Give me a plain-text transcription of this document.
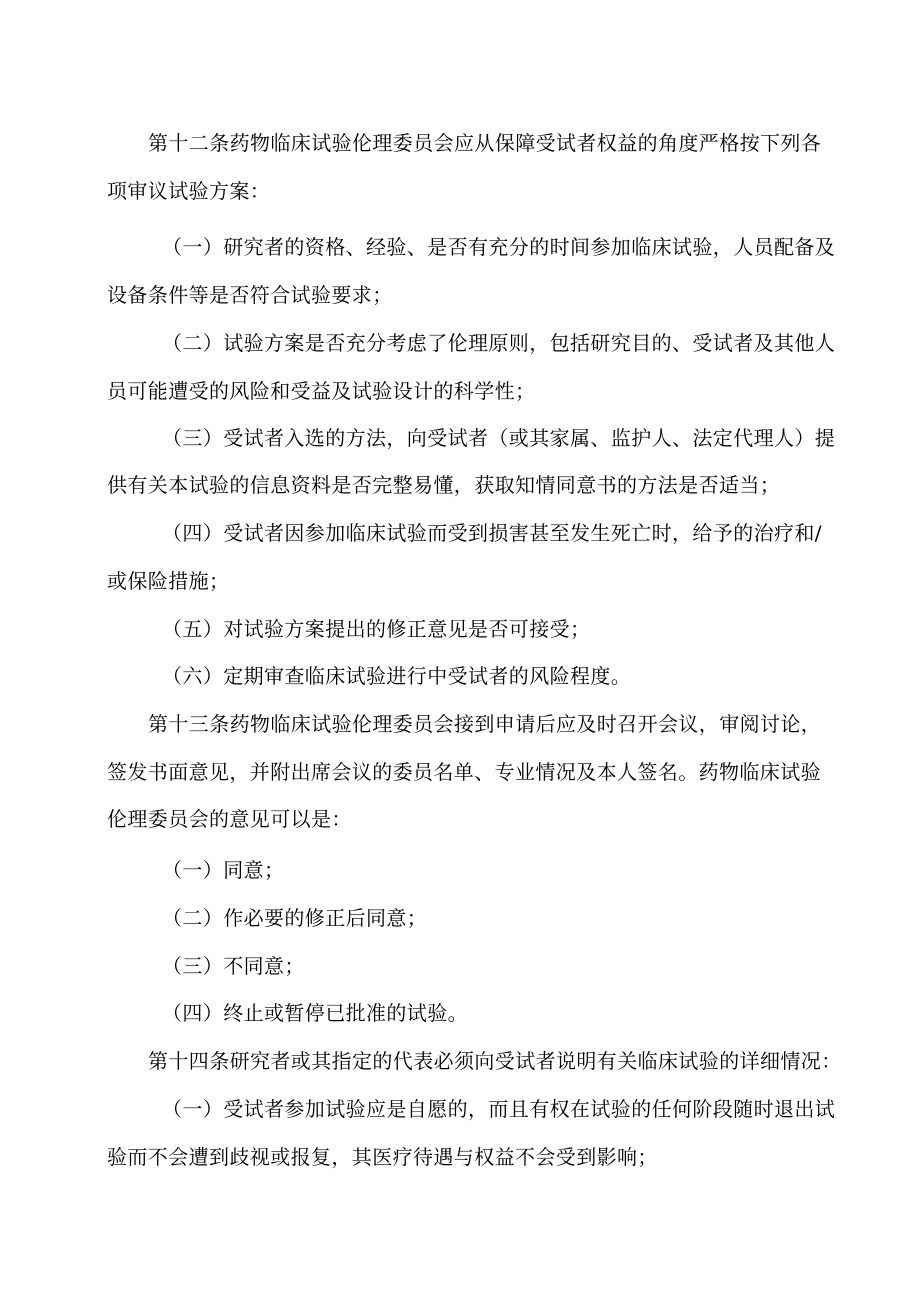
第十二条药物临床试验伦理委员会应从保障受试者权益的角度严格按下列各
项审议试验方案：
（一）研究者的资格、经验、是否有充分的时间参加临床试验，人员配备及
设备条件等是否符合试验要求；
（二）试验方案是否充分考虑了伦理原则，包括研究目的、受试者及其他人
员可能遭受的风险和受益及试验设计的科学性；
（三）受试者入选的方法，向受试者（或其家属、监护人、法定代理人）提
供有关本试验的信息资料是否完整易懂，获取知情同意书的方法是否适当；
（四）受试者因参加临床试验而受到损害甚至发生死亡时，给予的治疗和/
或保险措施；
（五）对试验方案提出的修正意见是否可接受；
（六）定期审查临床试验进行中受试者的风险程度。
第十三条药物临床试验伦理委员会接到申请后应及时召开会议，审阅讨论，
签发书面意见，并附出席会议的委员名单、专业情况及本人签名。药物临床试验
伦理委员会的意见可以是：
（一）同意；
（二）作必要的修正后同意；
（三）不同意；
（四）终止或暂停已批准的试验。
第十四条研究者或其指定的代表必须向受试者说明有关临床试验的详细情况：
（一）受试者参加试验应是自愿的，而且有权在试验的任何阶段随时退出试
验而不会遭到歧视或报复，其医疗待遇与权益不会受到影响；
